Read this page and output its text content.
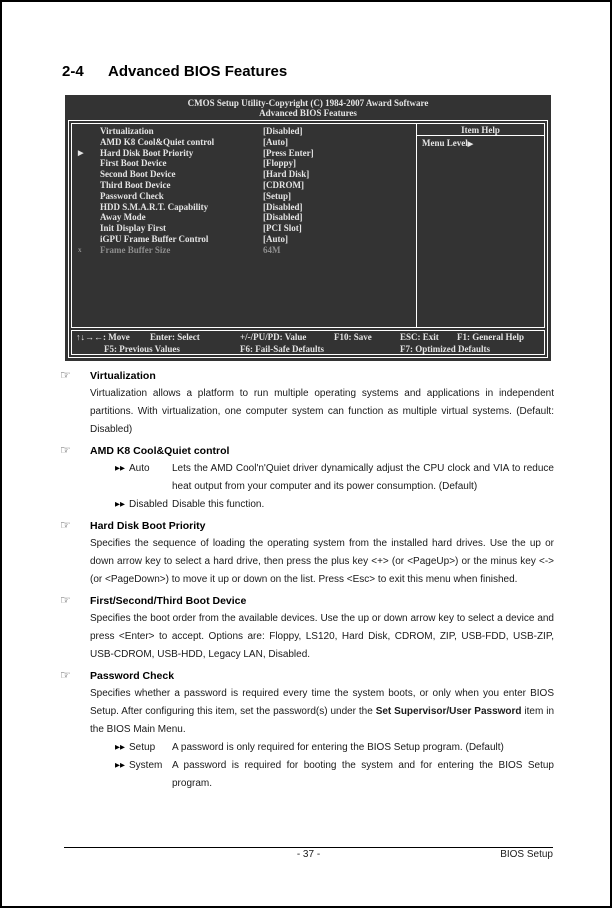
2-4	Advanced BIOS Features
CMOS Setup Utility-Copyright (C) 1984-2007 Award Software
Advanced BIOS Features
Virtualization	[Disabled]
AMD K8 Cool&Quiet control	[Auto]
▶ Hard Disk Boot Priority	[Press Enter]
First Boot Device	[Floppy]
Second Boot Device	[Hard Disk]
Third Boot Device	[CDROM]
Password Check	[Setup]
HDD S.M.A.R.T. Capability	[Disabled]
Away Mode	[Disabled]
Init Display First	[PCI Slot]
iGPU Frame Buffer Control	[Auto]
x Frame Buffer Size	64M
Item Help
Menu Level▶
↑↓→←: Move Enter: Select	+/-/PU/PD: Value	F10: Save	ESC: Exit F1: General Help
F5: Previous Values	F6: Fail-Safe Defaults	F7: Optimized Defaults
☞	Virtualization
Virtualization allows a platform to run multiple operating systems and applications in independent partitions. With virtualization, one computer system can function as multiple virtual systems. (Default: Disabled)
☞	AMD K8 Cool&Quiet control
▶▶ Auto	Lets the AMD Cool'n'Quiet driver dynamically adjust the CPU clock and VIA to reduce heat output from your computer and its power consumption. (Default)
▶▶ Disabled Disable this function.
☞	Hard Disk Boot Priority
Specifies the sequence of loading the operating system from the installed hard drives. Use the up or down arrow key to select a hard drive, then press the plus key <+> (or <PageUp>) or the minus key <-> (or <PageDown>) to move it up or down on the list. Press <Esc> to exit this menu when finished.
☞	First/Second/Third Boot Device
Specifies the boot order from the available devices. Use the up or down arrow key to select a device and press <Enter> to accept. Options are: Floppy, LS120, Hard Disk, CDROM, ZIP, USB-FDD, USB-ZIP, USB-CDROM, USB-HDD, Legacy LAN, Disabled.
☞	Password Check
Specifies whether a password is required every time the system boots, or only when you enter BIOS Setup. After configuring this item, set the password(s) under the Set Supervisor/User Password item in the BIOS Main Menu.
▶▶ Setup	A password is only required for entering the BIOS Setup program. (Default)
▶▶ System A password is required for booting the system and for entering the BIOS Setup program.
- 37 -	BIOS Setup
